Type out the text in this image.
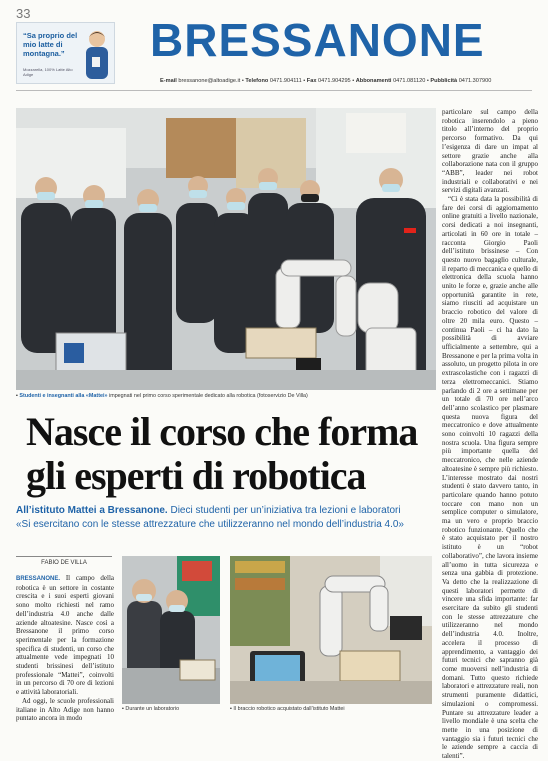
33
“Sa proprio del mio latte di montagna.”
Mozzarella, 100% Latte Alto Adige
BRESSANONE
E-mail bressanone@altoadige.it • Telefono 0471.904111 • Fax 0471.904295 • Abbonamenti 0471.081120 • Pubblicità 0471.307900
▪ Studenti e insegnanti alla «Mattei» impegnati nel primo corso sperimentale dedicato alla robotica (fotoservizio De Villa)

particolare sul campo della robotica inserendolo a pieno titolo all’interno del proprio percorso formativo. Da qui l’esigenza di dare un impat al settore grazie anche alla collaborazione nata con il gruppo “ABB”, leader nei robot industriali e collaborativi e nei servizi digitali avanzati.

“Ci è stata data la possibilità di fare dei corsi di aggiornamento online gratuiti a livello nazionale, corsi dedicati a noi insegnanti, articolati in 60 ore in totale – racconta Giorgio Paoli dell’istituto brissinese – Con questo nuovo bagaglio culturale, il reparto di meccanica e quello di elettronica della scuola hanno unito le forze e, grazie anche alle opportunità garantite in rete, siamo riusciti ad acquistare un braccio robotico del valore di oltre 20 mila euro. Questo – continua Paoli – ci ha dato la possibilità di avviare ufficialmente a settembre, qui a Bressanone e per la prima volta in assoluto, un progetto pilota in ore extrascolastiche con i ragazzi di terza elettromeccanici. Stiamo parlando di 2 ore a settimane per un totale di 70 ore nell’arco dell’anno scolastico per plasmare questa nuova figura del meccatronico e dove attualmente sono coinvolti 10 ragazzi della nostra scuola. Una figura sempre più importante quella del meccatronico, che nelle aziende altoatesine è sempre più richiesto. L’interesse mostrato dai nostri studenti è stato davvero tanto, in particolare quando hanno potuto toccare con mano non un semplice computer o simulatore, ma un vero e proprio braccio robotico funzionante. Quello che è stato acquistato per il nostro istituto è un “robot collaborativo”, che lavora insieme all’uomo in tutta sicurezza e senza una gabbia di protezione. Va detto che la realizzazione di questi laboratori permette di vincere una sfida importante: far esercitare da subito gli studenti con le stesse attrezzature che utilizzeranno nel mondo dell’industria 4.0. Inoltre, accelera il processo di apprendimento, a vantaggio dei futuri tecnici che sapranno già come muoversi nell’industria di domani. Tutto questo richiede laboratori e attrezzature reali, non strumenti puramente didattici, simulazioni o compromessi. Puntare su attrezzature leader a livello mondiale è una scelta che mette in una posizione di vantaggio sia i futuri tecnici che le aziende sempre a caccia di talenti”.

Nasce il corso che forma gli esperti di robotica
All’istituto Mattei a Bressanone. Dieci studenti per un’iniziativa tra lezioni e laboratori
«Si esercitano con le stesse attrezzature che utilizzeranno nel mondo dell’industria 4.0»
FABIO DE VILLA

BRESSANONE. Il campo della robotica è un settore in costante crescita e i suoi esperti giovani sono molto richiesti nel ramo dell’industria 4.0 anche dalle aziende altoatesine. Nasce così a Bressanone il primo corso sperimentale per la formazione specifica di studenti, un corso che attualmente vede impegnati 10 studenti brissinesi dell’istituto professionale “Mattei”, coinvolti in un percorso di 70 ore di lezioni e attività laboratoriali.

Ad oggi, le scuole professionali italiane in Alto Adige non hanno puntato ancora in modo

▪ Durante un laboratorio	▪ Il braccio robotico acquistato dall’istituto Mattei
